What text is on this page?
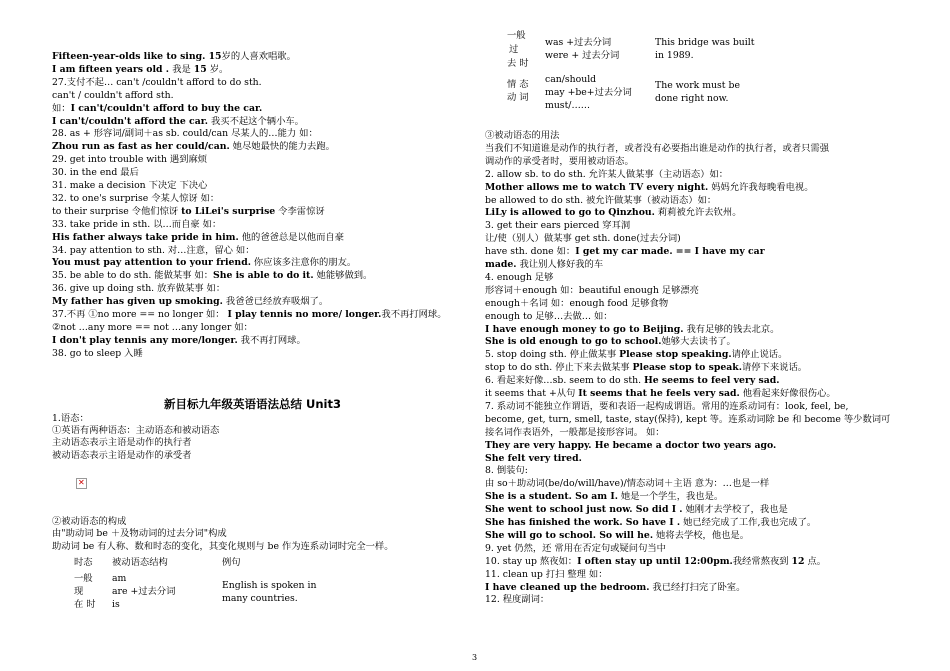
Fifteen-year-olds like to sing. 15岁的人喜欢唱歌。
I am fifteen years old . 我是 15 岁。
27.支付不起… can't /couldn't afford to do sth.
can't / couldn't afford sth.
如：I can't/couldn't afford to buy the car.
I can't/couldn't afford the car. 我买不起这个辆小车。
28. as + 形容词/副词＋as sb. could/can 尽某人的…能力 如：
Zhou run as fast as her could/can. 她尽她最快的能力去跑。
29. get into trouble with 遇到麻烦
30. in the end 最后
31. make a decision 下决定 下决心
32. to one's surprise 令某人惊讶 如：
to their surprise 令他们惊讶 to LiLei's surprise 令李雷惊讶
33. take pride in sth. 以…而自豪 如：
His father always take pride in him. 他的爸爸总是以他而自豪
34. pay attention to sth. 对…注意，留心 如：
You must pay attention to your friend. 你应该多注意你的朋友。
35. be able to do sth. 能做某事 如：She is able to do it. 她能够做到。
36. give up doing sth. 放弃做某事 如：
My father has given up smoking. 我爸爸已经放弃吸烟了。
37.不再 ①no more == no longer 如： I play tennis no more/ longer.我不再打网球。
②not …any more == not …any longer 如：
I don't play tennis any more/longer. 我不再打网球。
38. go to sleep 入睡
新目标九年级英语语法总结 Unit3
1.语态：
①英语有两种语态：主动语态和被动语态
主动语态表示主语是动作的执行者
被动语态表示主语是动作的承受者
✕
②被动语态的构成
由"助动词 be ＋及物动词的过去分词"构成
助动词 be 有人称、数和时态的变化，其变化规则与 be 作为连系动词时完全一样。
时态 被动语态结构	例句
一般
现
在 时
am
are +过去分词
is
English is spoken in
many countries.
一般
过
去 时
was +过去分词
were + 过去分词
This bridge was built
in 1989.
情 态
动 词
can/should
may +be+过去分词
must/……
The work must be
done right now.
③被动语态的用法
当我们不知道谁是动作的执行者，或者没有必要指出谁是动作的执行者，或者只需强
调动作的承受者时，要用被动语态。
2. allow sb. to do sth. 允许某人做某事（主动语态）如：
Mother allows me to watch TV every night. 妈妈允许我每晚看电视。
be allowed to do sth. 被允许做某事（被动语态）如：
LiLy is allowed to go to Qinzhou. 莉莉被允许去钦州。
3. get their ears pierced 穿耳洞
让/使（别人）做某事 get sth. done(过去分词)
have sth. done 如：I get my car made. == I have my car
made. 我让别人修好我的车
4. enough 足够
形容词＋enough 如：beautiful enough 足够漂亮
enough＋名词 如：enough food 足够食物
enough to 足够…去做… 如：
I have enough money to go to Beijing. 我有足够的钱去北京。
She is old enough to go to school.她够大去读书了。
5. stop doing sth. 停止做某事 Please stop speaking.请停止说话。
stop to do sth. 停止下来去做某事 Please stop to speak.请停下来说话。
6. 看起来好像…sb. seem to do sth. He seems to feel very sad.
it seems that +从句 It seems that he feels very sad. 他看起来好像很伤心。
7. 系动词不能独立作谓语，要和表语一起构成谓语。常用的连系动词有：look, feel, be,
become, get, turn, smell, taste, stay(保持), kept 等。连系动词除 be 和 become 等少数词可
接名词作表语外，一般都是接形容词。 如：
They are very happy. He became a doctor two years ago.
She felt very tired.
8. 倒装句:
由 so＋助动词(be/do/will/have)/情态动词＋主语 意为：…也是一样
She is a student. So am I. 她是一个学生，我也是。
She went to school just now. So did I . 她刚才去学校了，我也是
She has finished the work. So have I . 她已经完成了工作,我也完成了。
She will go to school. So will he. 她将去学校，他也是。
9. yet 仍然，还 常用在否定句或疑问句当中
10. stay up 熬夜如：I often stay up until 12:00pm.我经常熬夜到 12 点。
11. clean up 打扫 整理 如：
I have cleaned up the bedroom. 我已经打扫完了卧室。
12. 程度副词：
3
